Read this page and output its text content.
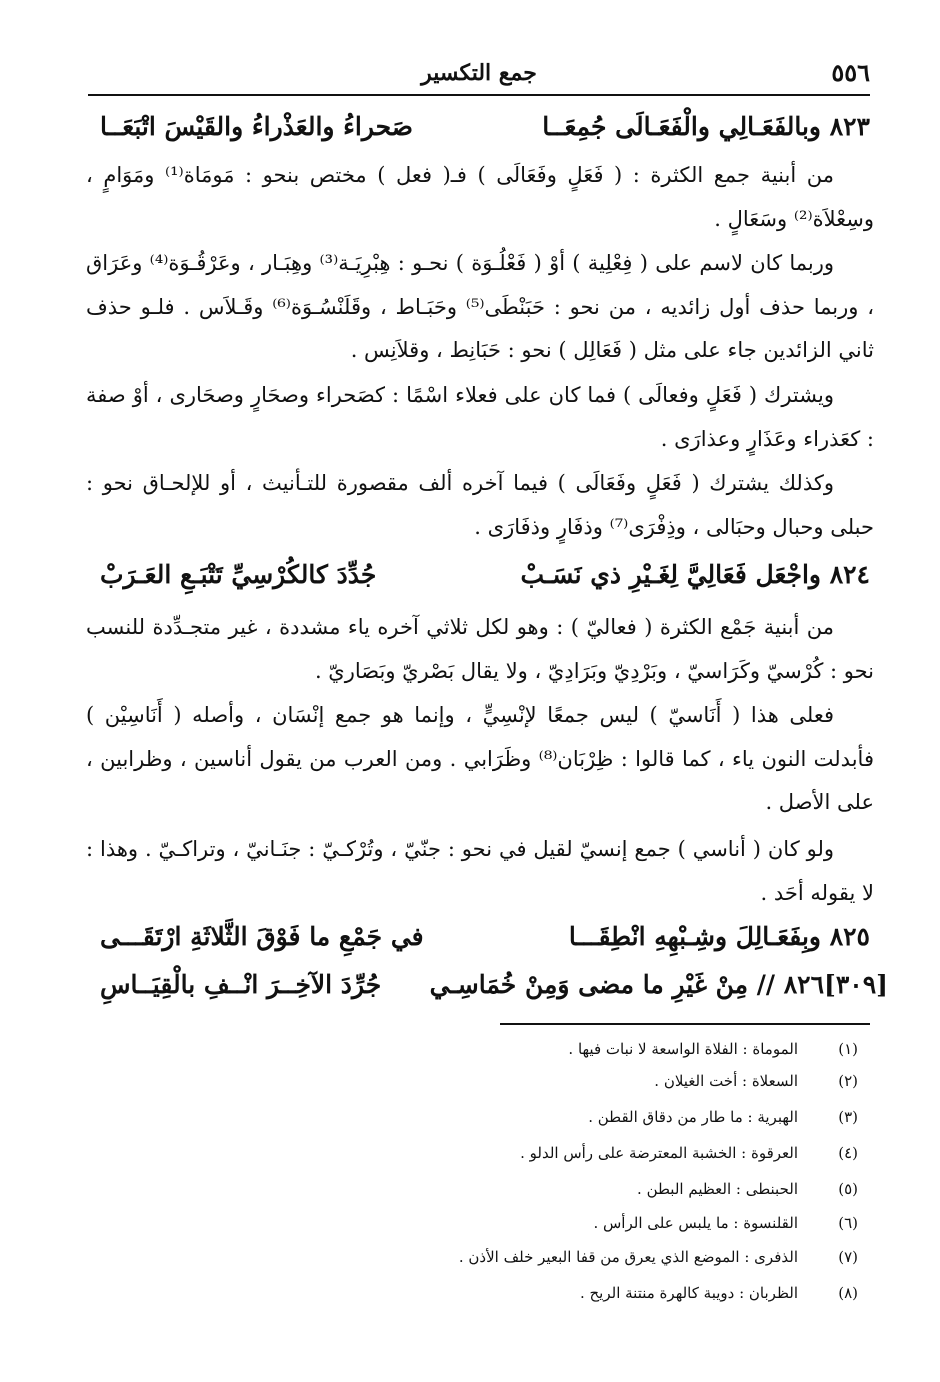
٥٥٦
جمع التكسير
٨٢٣ وبالفَعَـالِي والْفَعَـالَى جُمِعَــا
صَحراءُ والعَذْراءُ والقَيْسَ اتْبَعَــا
من أبنية جمع الكثرة : ( فَعَلٍ وفَعَالَى ) فـ( فعل ) مختص بنحو : مَومَاة⁽¹⁾ ومَوَامٍ ، وسِعْلاَة⁽²⁾ وسَعَالٍ .
وربما كان لاسم على ( فِعْلِية ) أوْ ( فَعْلُـوَة ) نحـو : هِبْرِيَـة⁽³⁾ وهِبَـار ، وعَرْقُـوَة⁽⁴⁾ وعَرَاق ، وربما حذف أول زائديه ، من نحو : حَبَنْطَى⁽⁵⁾ وحَبَـاط ، وقَلَنْسُـوَة⁽⁶⁾ وقَـلاَس . فلـو حذف ثاني الزائدين جاء على مثل ( فَعَالِل ) نحو : حَبَانِط ، وقلاَنِس .
ويشترك ( فَعَلٍ وفعالَى ) فما كان على فعلاء اسْمًا : كصَحراء وصحَارٍ وصحَارى ، أوْ صفة : كعَذراء وعَذَارٍ وعذارَى .
وكذلك يشترك ( فَعَلٍ وفَعَالَى ) فيما آخره ألف مقصورة للتـأنيث ، أو للإلحـاق نحو : حبلى وحبال وحبَالى ، وذِفْرَى⁽⁷⁾ وذفَارٍ وذفَارَى .
٨٢٤ واجْعَل فَعَالِيَّ لِغَـيْرِ ذي نَسَـبْ
جُدِّدَ كالكُرْسِيِّ تَتْبَـعِ العَـرَبْ
من أبنية جَمْع الكثرة ( فعاليّ ) : وهو لكل ثلاثي آخره ياء مشددة ، غير متجـدِّدة للنسب نحو : كُرْسيّ وكَرَاسيّ ، وبَرْدِيّ وبَرَادِيّ ، ولا يقال بَصْريّ وبَصَاريّ .
فعلى هذا ( أَنَاسيّ ) ليس جمعًا لإنْسِيٍّ ، وإنما هو جمع إنْسَان ، وأصله ( أَنَاسِيْن ) فأبدلت النون ياء ، كما قالوا : ظِرْبَان⁽⁸⁾ وظَرَابي . ومن العرب من يقول أناسين ، وظرابين ، على الأصل .
ولو كان ( أناسي ) جمع إنسيّ لقيل في نحو : جنّيّ ، وتُرْكـيّ : جنَـانيّ ، وتراكـيّ . وهذا : لا يقوله أحَد .
٨٢٥ وبِفَعَـالِلَ وشِـبْهِهِ انْطِقَـــا
في جَمْعِ ما فَوْقَ الثَّلاثَةِ ارْتَقَـــى
[٣٠٩]٨٢٦ // مِنْ غَيْرِ ما مضى وَمِنْ خُمَاسِـي
جُرِّدَ الآخِــرَ انْــفِ بالْقِيَــاسِ
(١)
الموماة : الفلاة الواسعة لا نبات فيها .
(٢)
السعلاة : أخت الغيلان .
(٣)
الهبرية : ما طار من دقاق القطن .
(٤)
العرقوة : الخشبة المعترضة على رأس الدلو .
(٥)
الحبنطى : العظيم البطن .
(٦)
القلنسوة : ما يلبس على الرأس .
(٧)
الذفرى : الموضع الذي يعرق من قفا البعير خلف الأذن .
(٨)
الظربان : دويبة كالهرة منتنة الريح .
